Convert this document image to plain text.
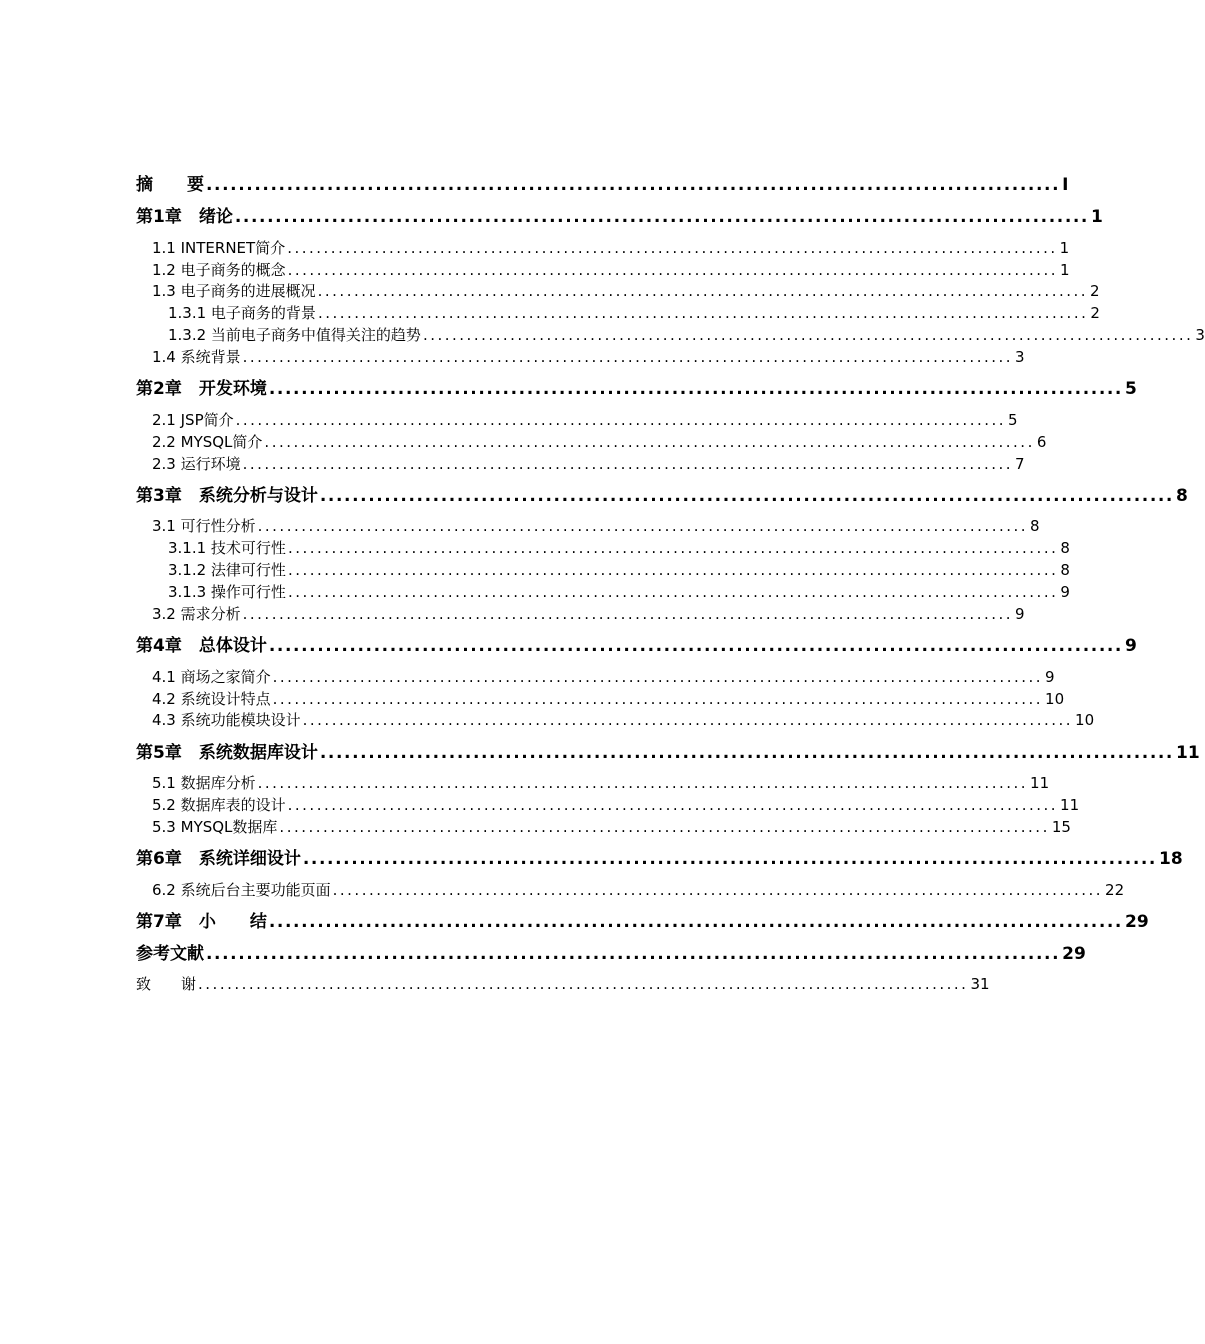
摘　　要 .......................................................................................................... I
第1章　绪论 .......................................................................................................... 1
1.1 INTERNET简介 .......................................................................................................... 1
1.2 电子商务的概念 .......................................................................................................... 1
1.3 电子商务的进展概况 .......................................................................................................... 2
1.3.1 电子商务的背景 .......................................................................................................... 2
1.3.2 当前电子商务中值得关注的趋势 .......................................................................................................... 3
1.4 系统背景 .......................................................................................................... 3
第2章　开发环境 .......................................................................................................... 5
2.1 JSP简介 .......................................................................................................... 5
2.2 MYSQL简介 .......................................................................................................... 6
2.3 运行环境 .......................................................................................................... 7
第3章　系统分析与设计 .......................................................................................................... 8
3.1 可行性分析 .......................................................................................................... 8
3.1.1 技术可行性 .......................................................................................................... 8
3.1.2 法律可行性 .......................................................................................................... 8
3.1.3 操作可行性 .......................................................................................................... 9
3.2 需求分析 .......................................................................................................... 9
第4章　总体设计 .......................................................................................................... 9
4.1 商场之家简介 .......................................................................................................... 9
4.2 系统设计特点 .......................................................................................................... 10
4.3 系统功能模块设计 .......................................................................................................... 10
第5章　系统数据库设计 .......................................................................................................... 11
5.1 数据库分析 .......................................................................................................... 11
5.2 数据库表的设计 .......................................................................................................... 11
5.3 MYSQL数据库 .......................................................................................................... 15
第6章　系统详细设计 .......................................................................................................... 18
6.2 系统后台主要功能页面 .......................................................................................................... 22
第7章　小　　结 .......................................................................................................... 29
参考文献 .......................................................................................................... 29
致　　谢 .......................................................................................................... 31
